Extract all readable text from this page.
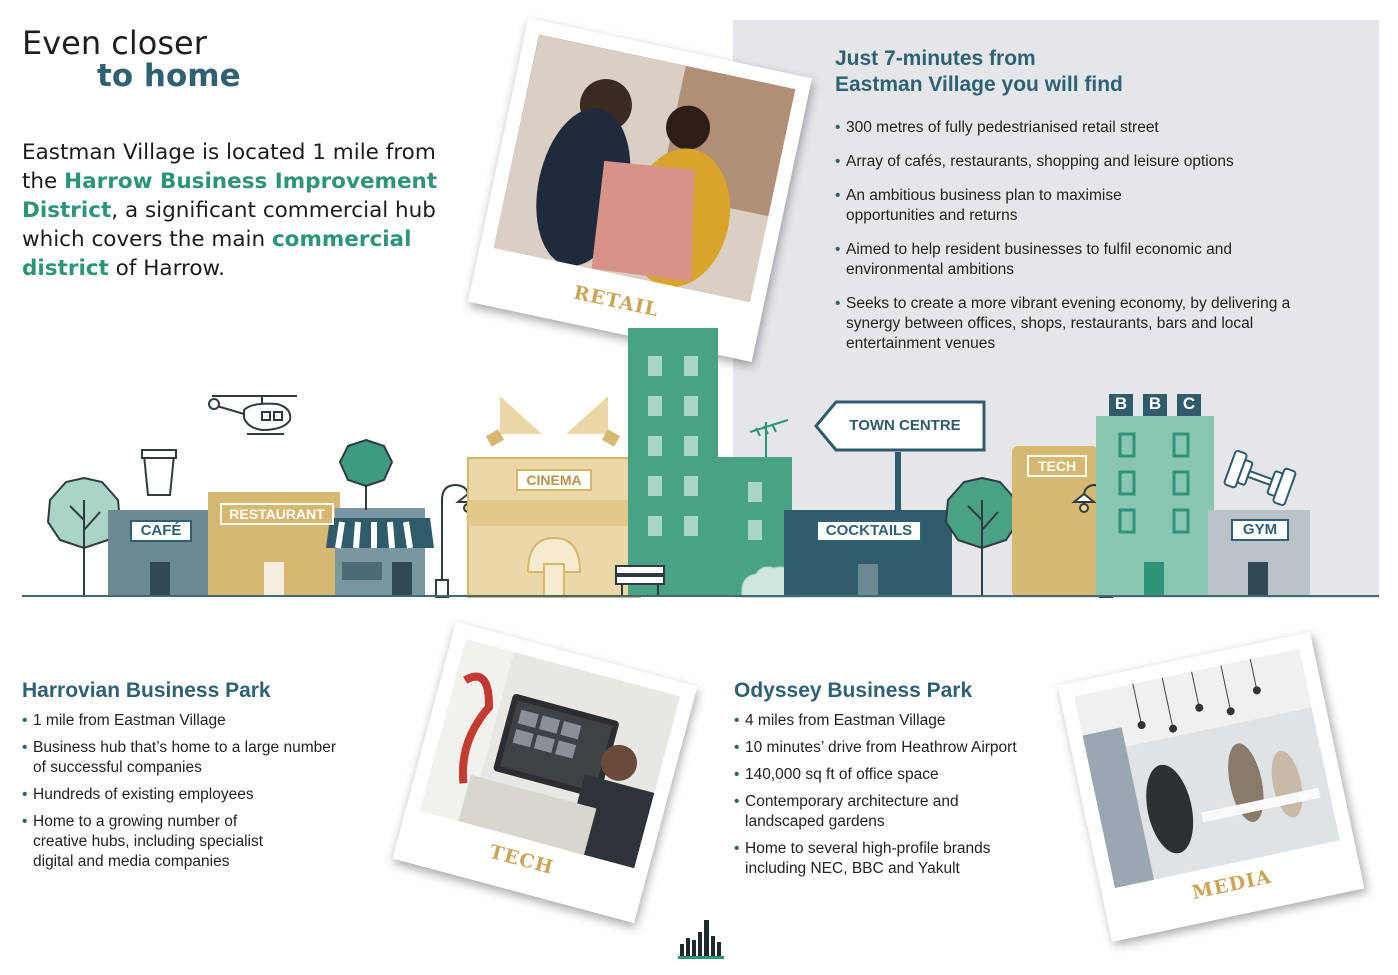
Even closer
to home
Eastman Village is located 1 mile from the Harrow Business Improvement District, a significant commercial hub which covers the main commercial district of Harrow.
Just 7-minutes from
Eastman Village you will find
• 300 metres of fully pedestrianised retail street
• Array of cafés, restaurants, shopping and leisure options
• An ambitious business plan to maximise opportunities and returns
• Aimed to help resident businesses to fulfil economic and environmental ambitions
• Seeks to create a more vibrant evening economy, by delivering a synergy between offices, shops, restaurants, bars and local entertainment venues
RETAIL
CAFÉ
RESTAURANT
CINEMA
TOWN CENTRE
COCKTAILS
TECH
B	B	C
GYM
Harrovian Business Park
• 1 mile from Eastman Village
• Business hub that’s home to a large number of successful companies
• Hundreds of existing employees
• Home to a growing number of creative hubs, including specialist digital and media companies	TECH
Odyssey Business Park
• 4 miles from Eastman Village
• 10 minutes’ drive from Heathrow Airport
• 140,000 sq ft of office space
• Contemporary architecture and landscaped gardens
• Home to several high-profile brands including NEC, BBC and Yakult	MEDIA
